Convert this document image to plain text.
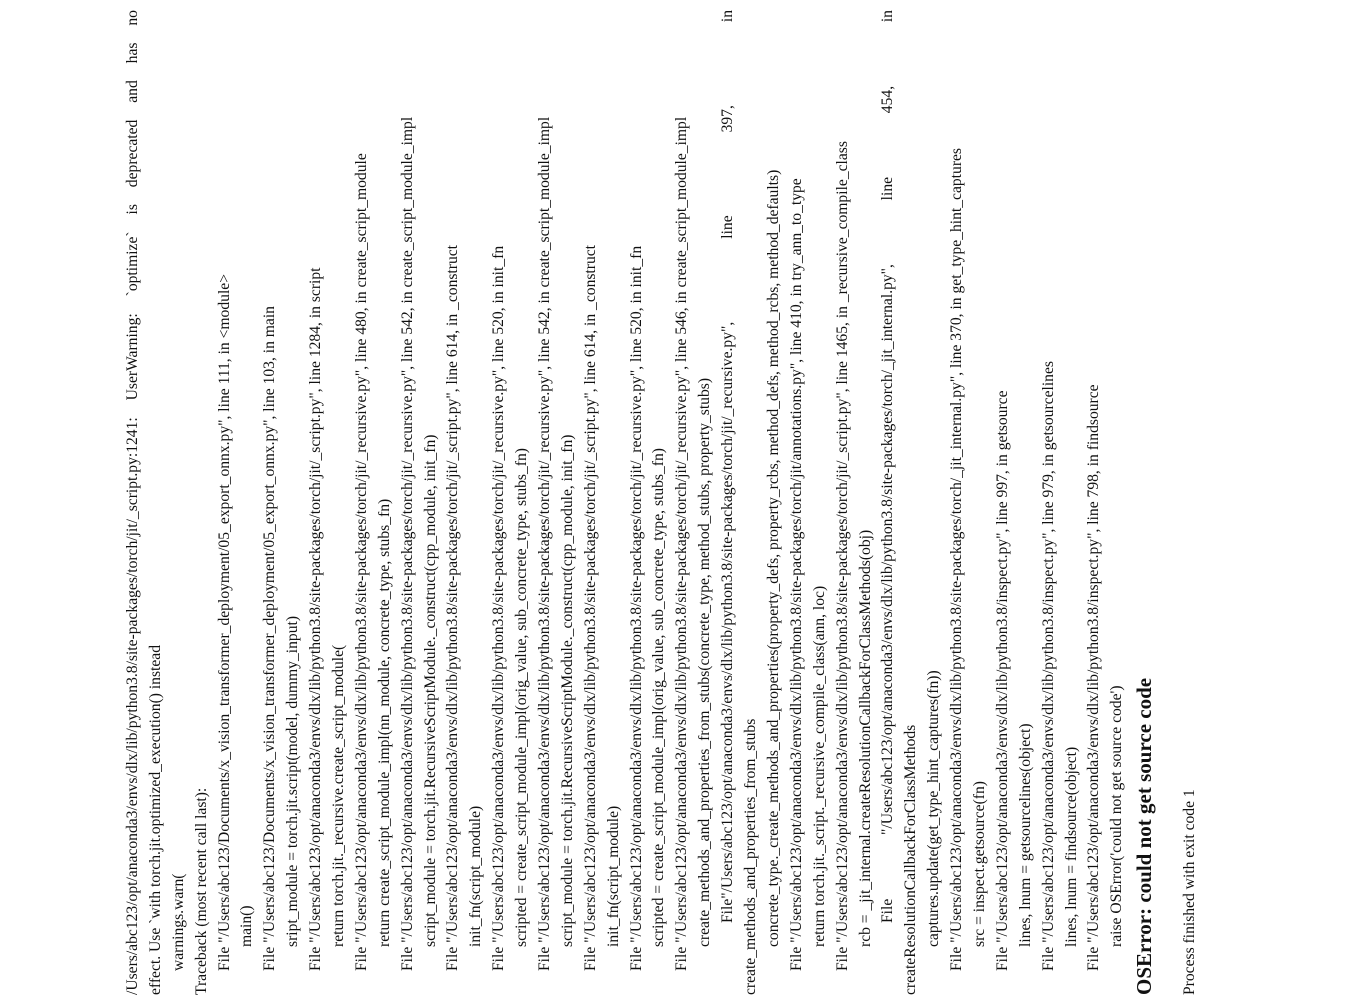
/Users/abc123/opt/anaconda3/envs/dlx/lib/python3.8/site-packages/torch/jit/_script.py:1241:
UserWarning:
`optimize`
is
deprecated
and
has
no
effect. Use `with torch.jit.optimized_execution() instead warnings.warn( Traceback (most recent call last): File "/Users/abc123/Documents/x_vision_transformer_deployment/05_export_onnx.py", line 111, in <module> main() File "/Users/abc123/Documents/x_vision_transformer_deployment/05_export_onnx.py", line 103, in main sript_module = torch.jit.script(model, dummy_input) File "/Users/abc123/opt/anaconda3/envs/dlx/lib/python3.8/site-packages/torch/jit/_script.py", line 1284, in script return torch.jit._recursive.create_script_module( File "/Users/abc123/opt/anaconda3/envs/dlx/lib/python3.8/site-packages/torch/jit/_recursive.py", line 480, in create_script_module return create_script_module_impl(nn_module, concrete_type, stubs_fn) File "/Users/abc123/opt/anaconda3/envs/dlx/lib/python3.8/site-packages/torch/jit/_recursive.py", line 542, in create_script_module_impl script_module = torch.jit.RecursiveScriptModule._construct(cpp_module, init_fn) File "/Users/abc123/opt/anaconda3/envs/dlx/lib/python3.8/site-packages/torch/jit/_script.py", line 614, in _construct init_fn(script_module) File "/Users/abc123/opt/anaconda3/envs/dlx/lib/python3.8/site-packages/torch/jit/_recursive.py", line 520, in init_fn scripted = create_script_module_impl(orig_value, sub_concrete_type, stubs_fn) File "/Users/abc123/opt/anaconda3/envs/dlx/lib/python3.8/site-packages/torch/jit/_recursive.py", line 542, in create_script_module_impl script_module = torch.jit.RecursiveScriptModule._construct(cpp_module, init_fn) File "/Users/abc123/opt/anaconda3/envs/dlx/lib/python3.8/site-packages/torch/jit/_script.py", line 614, in _construct init_fn(script_module) File "/Users/abc123/opt/anaconda3/envs/dlx/lib/python3.8/site-packages/torch/jit/_recursive.py", line 520, in init_fn scripted = create_script_module_impl(orig_value, sub_concrete_type, stubs_fn) File "/Users/abc123/opt/anaconda3/envs/dlx/lib/python3.8/site-packages/torch/jit/_recursive.py", line 546, in create_script_module_impl create_methods_and_properties_from_stubs(concrete_type, method_stubs, property_stubs) File"/Users/abc123/opt/anaconda3/envs/dlx/lib/python3.8/site-packages/torch/jit/_recursive.py",
line
397,
in
create_methods_and_properties_from_stubs concrete_type._create_methods_and_properties(property_defs, property_rcbs, method_defs, method_rcbs, method_defaults) File "/Users/abc123/opt/anaconda3/envs/dlx/lib/python3.8/site-packages/torch/jit/annotations.py", line 410, in try_ann_to_type return torch.jit._script._recursive_compile_class(ann, loc) File "/Users/abc123/opt/anaconda3/envs/dlx/lib/python3.8/site-packages/torch/jit/_script.py", line 1465, in _recursive_compile_class rcb = _jit_internal.createResolutionCallbackForClassMethods(obj) File
"/Users/abc123/opt/anaconda3/envs/dlx/lib/python3.8/site-packages/torch/_jit_internal.py",
line
454,
in
createResolutionCallbackForClassMethods captures.update(get_type_hint_captures(fn)) File "/Users/abc123/opt/anaconda3/envs/dlx/lib/python3.8/site-packages/torch/_jit_internal.py", line 370, in get_type_hint_captures src = inspect.getsource(fn) File "/Users/abc123/opt/anaconda3/envs/dlx/lib/python3.8/inspect.py", line 997, in getsource lines, lnum = getsourcelines(object) File "/Users/abc123/opt/anaconda3/envs/dlx/lib/python3.8/inspect.py", line 979, in getsourcelines lines, lnum = findsource(object) File "/Users/abc123/opt/anaconda3/envs/dlx/lib/python3.8/inspect.py", line 798, in findsource raise OSError('could not get source code') OSError: could not get source code Process finished with exit code 1
